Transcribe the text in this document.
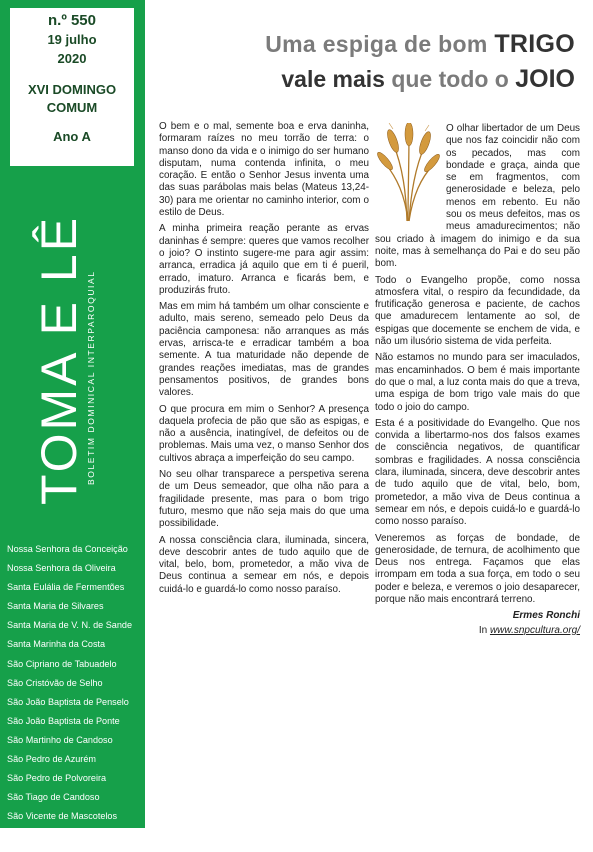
n.º 550
19 julho
2020
XVI DOMINGO
COMUM
Ano A
TOMA E LÊ BOLETIM DOMINICAL INTERPAROQUIAL
Nossa Senhora da Conceição
Nossa Senhora da Oliveira
Santa Eulália de Fermentões
Santa Maria de Silvares
Santa Maria de V. N. de Sande
Santa Marinha da Costa
São Cipriano de Tabuadelo
São Cristóvão de Selho
São João Baptista de Penselo
São João Baptista de Ponte
São Martinho de Candoso
São Pedro de Azurém
São Pedro de Polvoreira
São Tiago de Candoso
São Vicente de Mascotelos
Unidade Pastoral de
São Sebastião e São Paio
Uma espiga de bom TRIGO
vale mais que todo o JOIO

O bem e o mal, semente boa e erva daninha, formaram raízes no meu torrão de terra: o manso dono da vida e o inimigo do ser humano disputam, numa contenda infinita, o meu coração. E então o Senhor Jesus inventa uma das suas parábolas mais belas (Mateus 13,24-30) para me orientar no caminho interior, com o estilo de Deus.

A minha primeira reação perante as ervas daninhas é sempre: queres que vamos recolher o joio? O instinto sugere-me para agir assim: arranca, erradica já aquilo que em ti é pueril, errado, imaturo. Arranca e ficarás bem, e produzirás fruto.

Mas em mim há também um olhar consciente e adulto, mais sereno, semeado pelo Deus da paciência camponesa: não arranques as más ervas, arrisca-te e erradicar também a boa semente. A tua maturidade não depende de grandes reações imediatas, mas de grandes pensamentos positivos, de grandes bons valores.

O que procura em mim o Senhor? A presença daquela profecia de pão que são as espigas, e não a ausência, inatingível, de defeitos ou de problemas. Mais uma vez, o manso Senhor dos cultivos abraça a imperfeição do seu campo.

No seu olhar transparece a perspetiva serena de um Deus semeador, que olha não para a fragilidade presente, mas para o bom trigo futuro, mesmo que não seja mais do que uma possibilidade.

A nossa consciência clara, iluminada, sincera, deve descobrir antes de tudo aquilo que de vital, belo, bom, prometedor, a mão viva de Deus continua a semear em nós, e depois cuidá-lo e guardá-lo como nosso paraíso.

O olhar libertador de um Deus que nos faz coincidir não com os pecados, mas com bondade e graça, ainda que se em fragmentos, com generosidade e beleza, pelo menos em rebento. Eu não sou os meus defeitos, mas os meus amadurecimentos; não sou criado à imagem do inimigo e da sua noite, mas à semelhança do Pai e do seu pão bom.

Todo o Evangelho propõe, como nossa atmosfera vital, o respiro da fecundidade, da frutificação generosa e paciente, de cachos que amadurecem lentamente ao sol, de espigas que docemente se enchem de vida, e não um ilusório sistema de vida perfeita.

Não estamos no mundo para ser imaculados, mas encaminhados. O bem é mais importante do que o mal, a luz conta mais do que a treva, uma espiga de bom trigo vale mais do que todo o joio do campo.

Esta é a positividade do Evangelho. Que nos convida a libertarmo-nos dos falsos exames de consciência negativos, de quantificar sombras e fragilidades. A nossa consciência clara, iluminada, sincera, deve descobrir antes de tudo aquilo que de vital, belo, bom, prometedor, a mão viva de Deus continua a semear em nós, e depois cuidá-lo e guardá-lo como nosso paraíso.

Veneremos as forças de bondade, de generosidade, de ternura, de acolhimento que Deus nos entrega. Façamos que elas irrompam em toda a sua força, em todo o seu poder e beleza, e veremos o joio desaparecer, porque não mais encontrará terreno.

Ermes Ronchi
In www.snpcultura.org/
